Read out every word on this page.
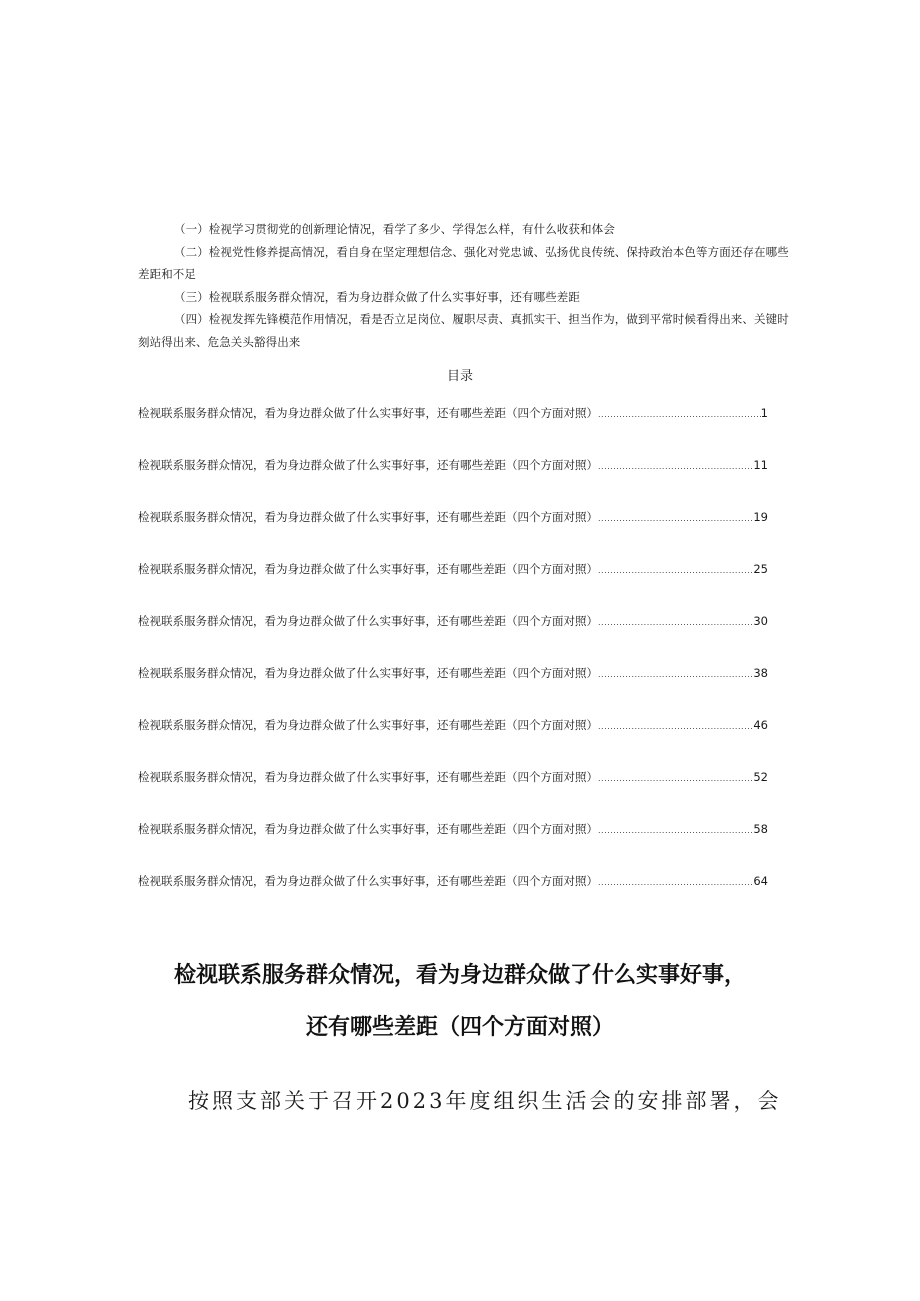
（一）检视学习贯彻党的创新理论情况，看学了多少、学得怎么样，有什么收获和体会

（二）检视党性修养提高情况，看自身在坚定理想信念、强化对党忠诚、弘扬优良传统、保持政治本色等方面还存在哪些差距和不足

（三）检视联系服务群众情况，看为身边群众做了什么实事好事，还有哪些差距

（四）检视发挥先锋模范作用情况，看是否立足岗位、履职尽责、真抓实干、担当作为，做到平常时候看得出来、关键时刻站得出来、危急关头豁得出来

目录
检视联系服务群众情况，看为身边群众做了什么实事好事，还有哪些差距（四个方面对照） .....	1
检视联系服务群众情况，看为身边群众做了什么实事好事，还有哪些差距（四个方面对照） .....	11
检视联系服务群众情况，看为身边群众做了什么实事好事，还有哪些差距（四个方面对照） .....	19
检视联系服务群众情况，看为身边群众做了什么实事好事，还有哪些差距（四个方面对照） .....	25
检视联系服务群众情况，看为身边群众做了什么实事好事，还有哪些差距（四个方面对照） .....	30
检视联系服务群众情况，看为身边群众做了什么实事好事，还有哪些差距（四个方面对照） .....	38
检视联系服务群众情况，看为身边群众做了什么实事好事，还有哪些差距（四个方面对照） .....	46
检视联系服务群众情况，看为身边群众做了什么实事好事，还有哪些差距（四个方面对照） .....	52
检视联系服务群众情况，看为身边群众做了什么实事好事，还有哪些差距（四个方面对照） .....	58
检视联系服务群众情况，看为身边群众做了什么实事好事，还有哪些差距（四个方面对照） .....	64
检视联系服务群众情况，看为身边群众做了什么实事好事，
还有哪些差距（四个方面对照）
按照支部关于召开2023年度组织生活会的安排部署，会
